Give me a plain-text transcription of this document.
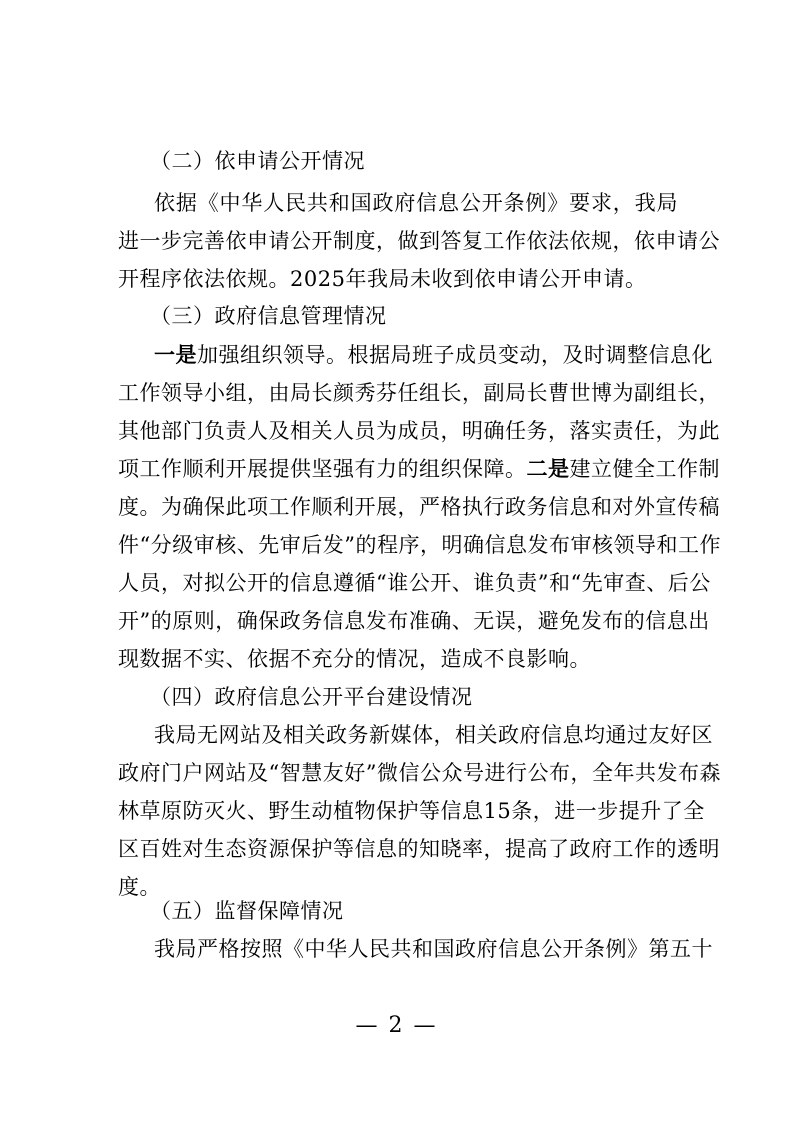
（二）依申请公开情况
依据《中华人民共和国政府信息公开条例》要求，我局
进一步完善依申请公开制度，做到答复工作依法依规，依申请公
开程序依法依规。2025年我局未收到依申请公开申请。
（三）政府信息管理情况
一是加强组织领导。根据局班子成员变动，及时调整信息化
工作领导小组，由局长颜秀芬任组长，副局长曹世博为副组长，
其他部门负责人及相关人员为成员，明确任务，落实责任，为此
项工作顺利开展提供坚强有力的组织保障。二是建立健全工作制
度。为确保此项工作顺利开展，严格执行政务信息和对外宣传稿
件“分级审核、先审后发”的程序，明确信息发布审核领导和工作
人员，对拟公开的信息遵循“谁公开、谁负责”和“先审查、后公
开”的原则，确保政务信息发布准确、无误，避免发布的信息出
现数据不实、依据不充分的情况，造成不良影响。
（四）政府信息公开平台建设情况
我局无网站及相关政务新媒体，相关政府信息均通过友好区
政府门户网站及“智慧友好”微信公众号进行公布，全年共发布森
林草原防灭火、野生动植物保护等信息15条，进一步提升了全
区百姓对生态资源保护等信息的知晓率，提高了政府工作的透明
度。
（五）监督保障情况
我局严格按照《中华人民共和国政府信息公开条例》第五十
— 2 —
